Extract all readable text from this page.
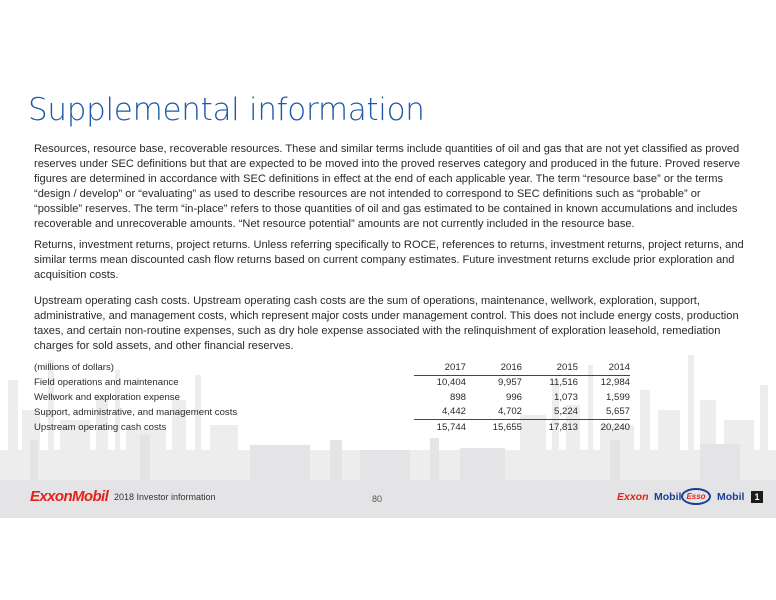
Supplemental information

Resources, resource base, recoverable resources. These and similar terms include quantities of oil and gas that are not yet classified as proved reserves under SEC definitions but that are expected to be moved into the proved reserves category and produced in the future. Proved reserve figures are determined in accordance with SEC definitions in effect at the end of each applicable year. The term “resource base” or the terms “design / develop” or “evaluating” as used to describe resources are not intended to correspond to SEC definitions such as “probable” or “possible” reserves. The term “in-place” refers to those quantities of oil and gas estimated to be contained in known accumulations and includes recoverable and unrecoverable amounts. “Net resource potential” amounts are not currently included in the resource base.

Returns, investment returns, project returns. Unless referring specifically to ROCE, references to returns, investment returns, project returns, and similar terms mean discounted cash flow returns based on current company estimates. Future investment returns exclude prior exploration and acquisition costs.

Upstream operating cash costs. Upstream operating cash costs are the sum of operations, maintenance, wellwork, exploration, support, administrative, and management costs, which represent major costs under management control. This does not include energy costs, production taxes, and certain non-routine expenses, such as dry hole expense associated with the relinquishment of exploration leasehold, remediation charges for sold assets, and other financial reserves.

(millions of dollars)	2017	2016	2015	2014
Field operations and maintenance	10,404	9,957	11,516	12,984
Wellwork and exploration expense	898	996	1,073	1,599
Support, administrative, and management costs	4,442	4,702	5,224	5,657
Upstream operating cash costs	15,744	15,655	17,813	20,240
ExxonMobil 2018 Investor information	80	Exxon Mobil Esso	Mobil	1
